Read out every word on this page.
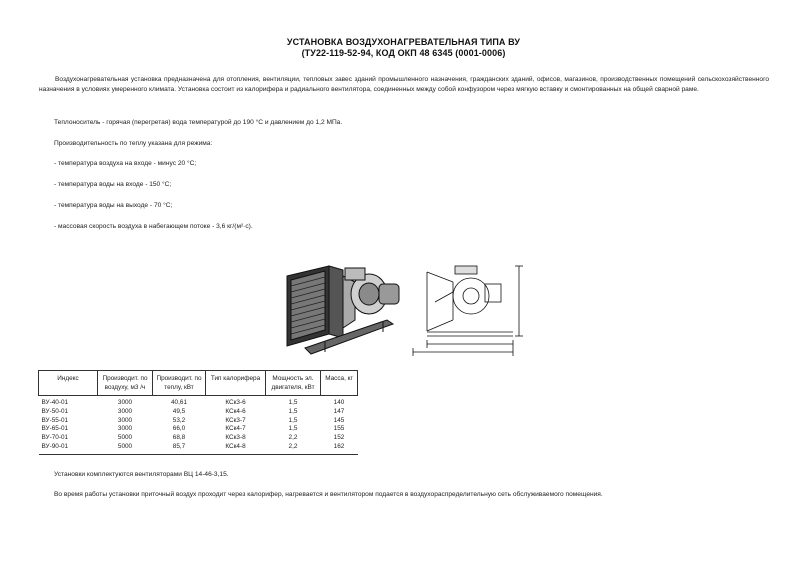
УСТАНОВКА ВОЗДУХОНАГРЕВАТЕЛЬНАЯ ТИПА ВУ
(ТУ22-119-52-94, КОД ОКП 48 6345 (0001-0006)
Воздухонагревательная установка предназначена для отопления, вентиляции, тепловых завес зданий промышленного назначения, гражданских зданий, офисов, магазинов, производственных помещений сельскохозяйственного назначения в условиях умеренного климата. Установка состоит из калорифера и радиального вентилятора, соединенных между собой конфузором через мягкую вставку и смонтированных на общей сварной раме.
Теплоноситель - горячая (перегретая) вода температурой до 190 °С и давлением до 1,2 МПа.
Производительность по теплу указана для режима:
- температура воздуха на входе - минус 20 °С;
- температура воды на входе - 150 °С;
- температура воды на выходе - 70 °С;
- массовая скорость воздуха в набегающем потоке - 3,6 кг/(м²·с).
Индекс	Производит. по воздуху, м3 /ч	Производит. по теплу, кВт	Тип калорифера	Мощность эл. двигателя, кВт	Масса, кг
ВУ-40-01	3000	40,61	КСк3-6	1,5	140
ВУ-50-01	3000	49,5	КСк4-6	1,5	147
ВУ-55-01	3000	53,2	КСк3-7	1,5	145
ВУ-65-01	3000	66,0	КСк4-7	1,5	155
ВУ-70-01	5000	68,8	КСк3-8	2,2	152
ВУ-90-01	5000	85,7	КСк4-8	2,2	162
Установки комплектуются вентиляторами ВЦ 14-46-3,15.
Во время работы установки приточный воздух проходит через калорифер, нагревается и вентилятором подается в воздухораспределительную сеть обслуживаемого помещения.
